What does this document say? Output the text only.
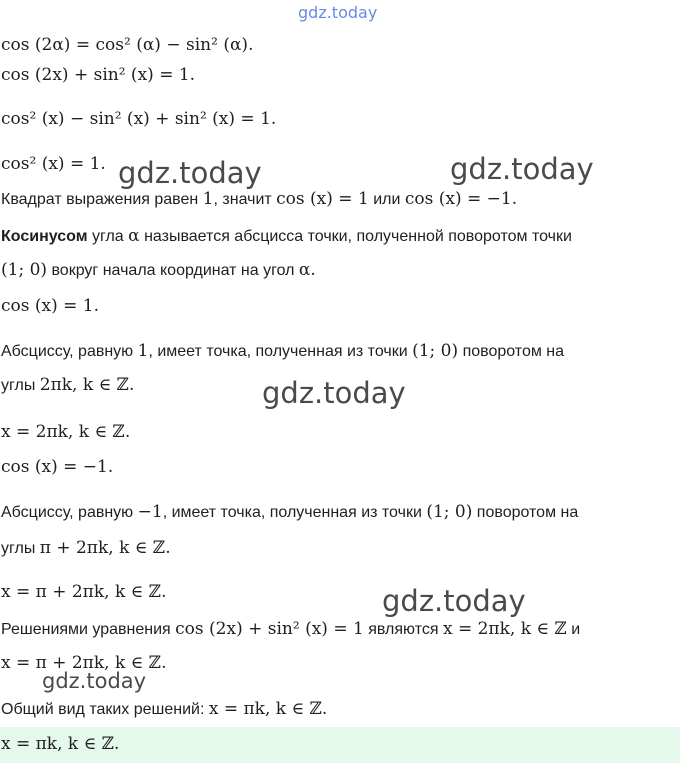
gdz.today
cos (2α) = cos² (α) − sin² (α).
cos (2x) + sin² (x) = 1.
cos² (x) − sin² (x) + sin² (x) = 1.
cos² (x) = 1.
Квадрат выражения равен 1, значит cos (x) = 1 или cos (x) = −1.
Косинусом угла α называется абсцисса точки, полученной поворотом точки
(1; 0) вокруг начала координат на угол α.
cos (x) = 1.
Абсциссу, равную 1, имеет точка, полученная из точки (1; 0) поворотом на
углы 2πk, k ∈ ℤ.
x = 2πk, k ∈ ℤ.
cos (x) = −1.
Абсциссу, равную −1, имеет точка, полученная из точки (1; 0) поворотом на
углы π + 2πk, k ∈ ℤ.
x = π + 2πk, k ∈ ℤ.
Решениями уравнения cos (2x) + sin² (x) = 1 являются x = 2πk, k ∈ ℤ и
x = π + 2πk, k ∈ ℤ.
Общий вид таких решений: x = πk, k ∈ ℤ.
x = πk, k ∈ ℤ.
gdz.today	gdz.today
gdz.today
gdz.today
gdz.today
